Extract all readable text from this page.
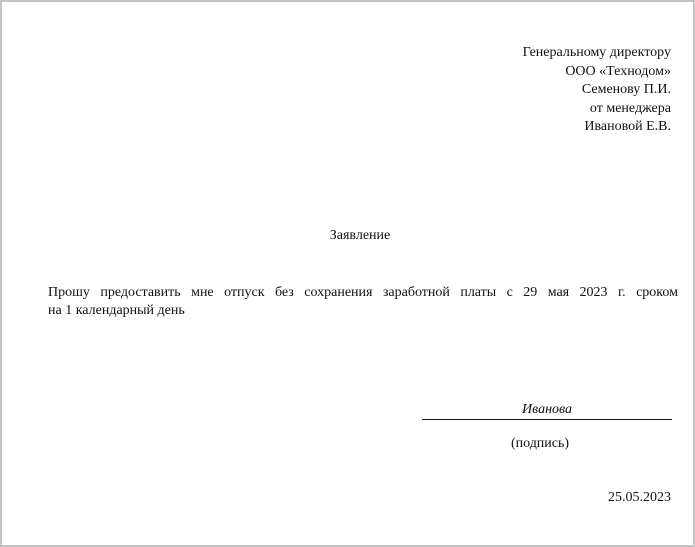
Генеральному директору
ООО «Технодом»
Семенову П.И.
от менеджера
Ивановой Е.В.
Заявление
Прошу предоставить мне отпуск без сохранения заработной платы с 29 мая 2023 г. сроком
на 1 календарный день
Иванова
(подпись)
25.05.2023
